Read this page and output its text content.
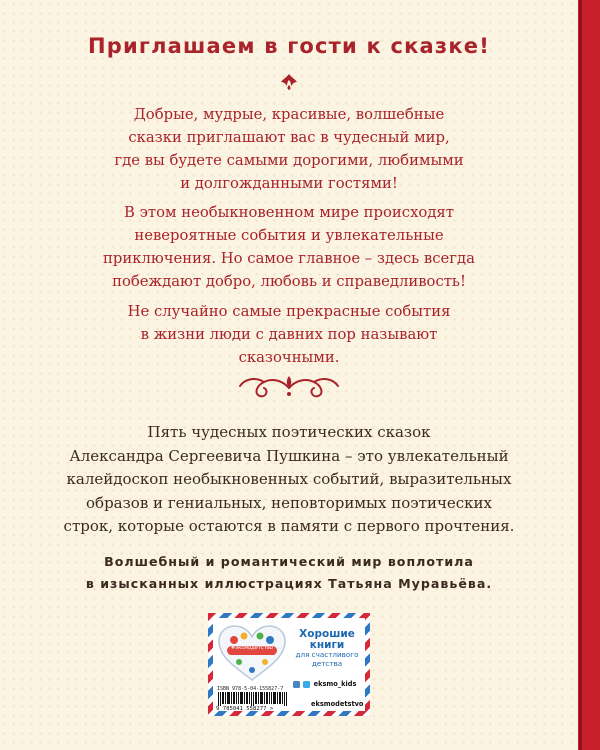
Приглашаем в гости к сказке!
Добрые, мудрые, красивые, волшебные
сказки приглашают вас в чудесный мир,
где вы будете самыми дорогими, любимыми
и долгожданными гостями!
В этом необыкновенном мире происходят
невероятные события и увлекательные
приключения. Но самое главное – здесь всегда
побеждают добро, любовь и справедливость!
Не случайно самые прекрасные события
в жизни люди с давних пор называют
сказочными.
Пять чудесных поэтических сказок
Александра Сергеевича Пушкина – это увлекательный
калейдоскоп необыкновенных событий, выразительных
образов и гениальных, неповторимых поэтических
строк, которые остаются в памяти с первого прочтения.
Волшебный и романтический мир воплотила
в изысканных иллюстрациях Татьяна Муравьёва.
#эксмодетство
Хорошие
книги
для счастливого
детства
ISBN 978-5-04-155827-7
9 785041 558277 >
eksmo_kids
eksmodetstvo
